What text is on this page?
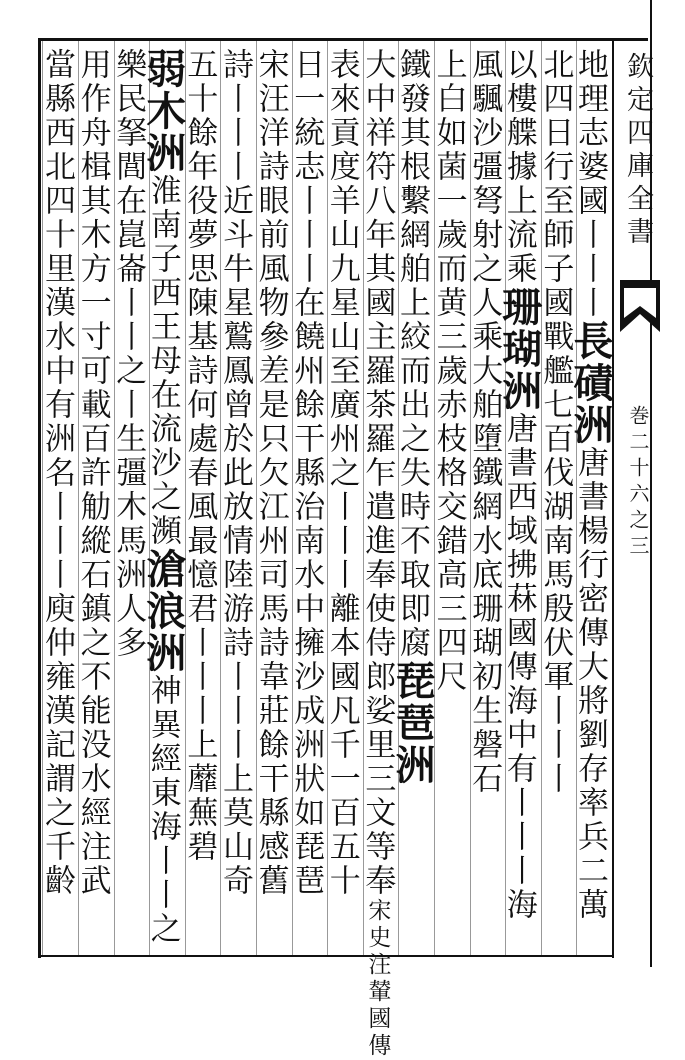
欽定四庫全書
巻二十六之三
地理志婆國丨丨丨長磧洲唐書楊行密傳大將劉存率兵二萬
北四日行至師子國戰艦七百伐湖南馬殷伏軍丨丨丨
以樓艓據上流乘珊瑚洲唐書西域拂菻國傳海中有丨丨丨海
風颿沙彊弩射之人乘大舶墮鐵網水底珊瑚初生磐石
上白如菌一歲而黄三歲赤枝格交錯高三四尺
鐵發其根繫網舶上絞而出之失時不取即腐琵琶洲
大中祥符八年其國主羅茶羅乍遣進奉使侍郎娑里三文等奉宋史注輦國傳
表來貢度羊山九星山至廣州之丨丨丨離本國凡千一百五十
日一統志丨丨丨在饒州餘干縣治南水中擁沙成洲狀如琵琶
宋汪洋詩眼前風物參差是只欠江州司馬詩韋莊餘干縣感舊
詩丨丨丨近斗牛星鷲鳳曾於此放情陸游詩丨丨丨上莫山奇
五十餘年役夢思陳基詩何處春風最憶君丨丨丨上蘼蕪碧
弱木洲淮南子西王母在流沙之瀕滄浪洲神異經東海丨丨之
樂民拏閭在崑崙丨丨之丨生彊木馬洲人多
用作舟楫其木方一寸可載百許觔縱石鎮之不能没水經注武
當縣西北四十里漢水中有洲名丨丨丨庾仲雍漢記謂之千齡
